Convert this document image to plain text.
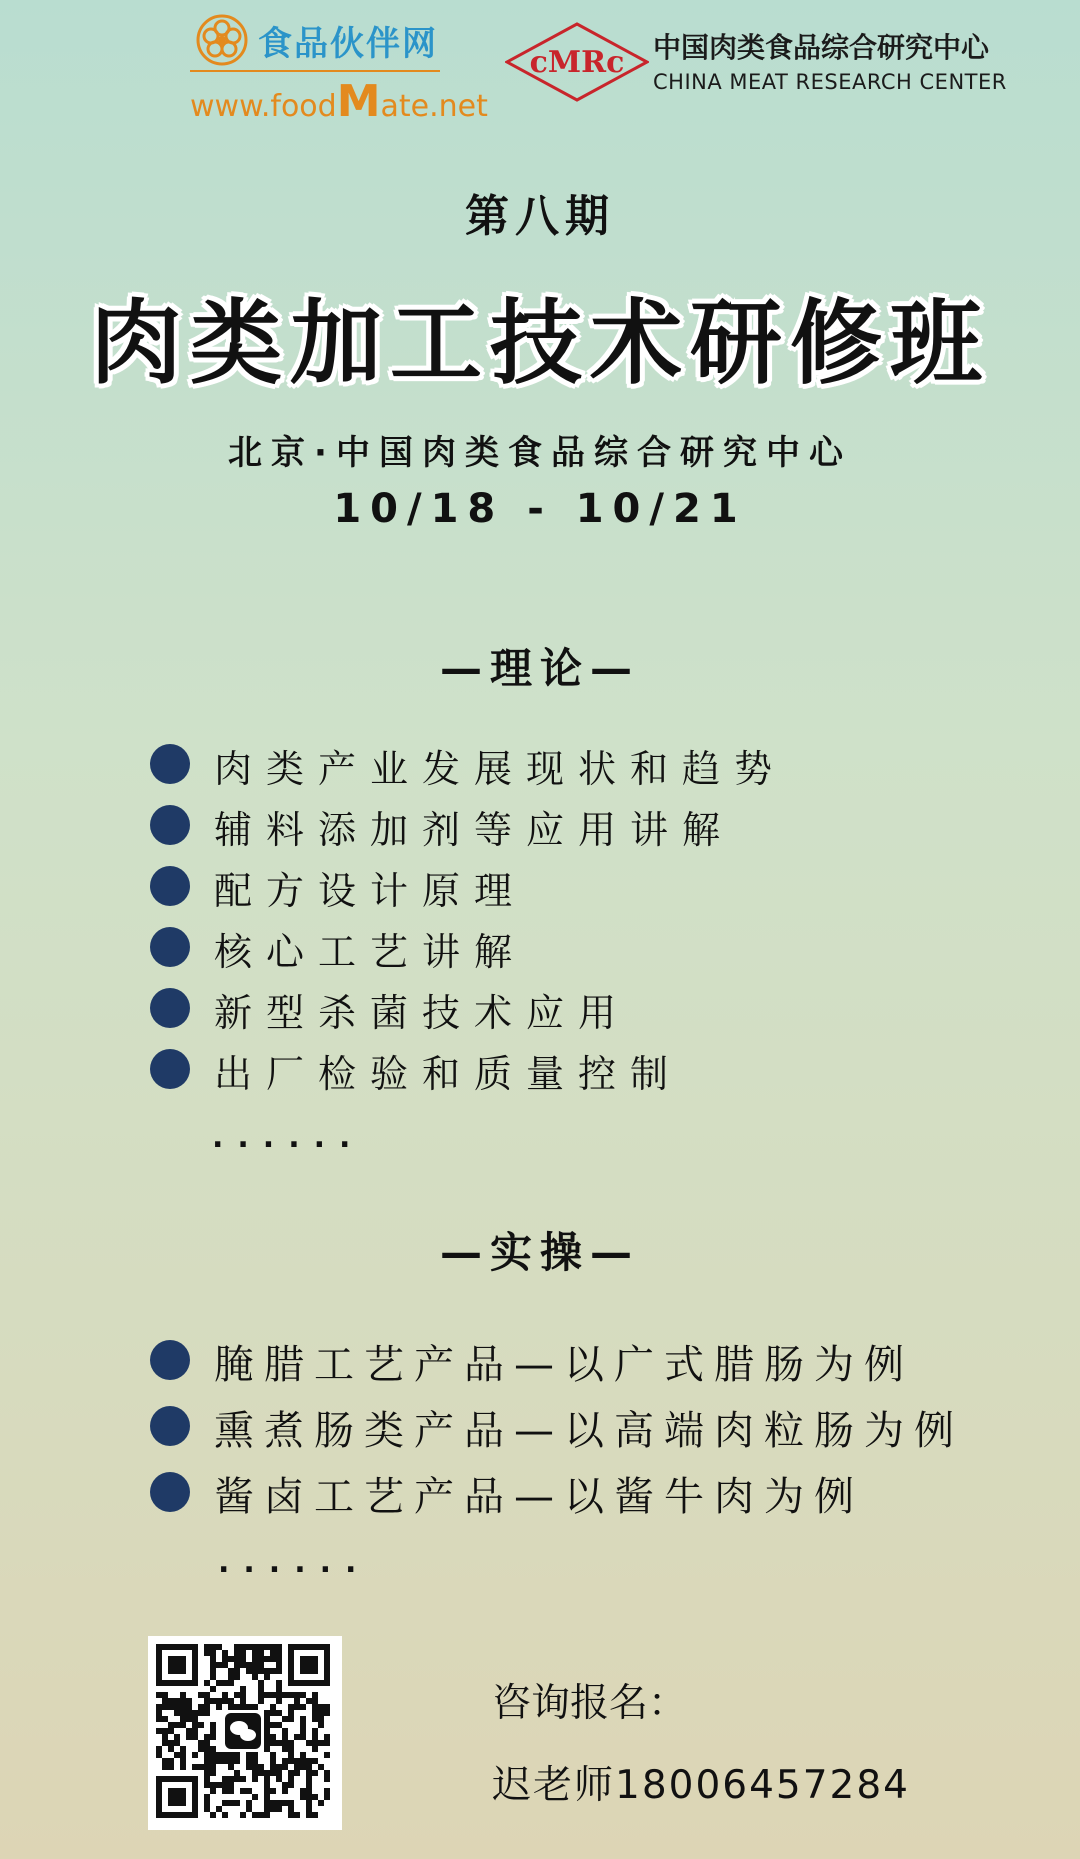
食品伙伴网
www.foodMate.net
cMRc 中国肉类食品综合研究中心
CHINA MEAT RESEARCH CENTER
第八期
肉类加工技术研修班
北京·中国肉类食品综合研究中心
10/18 - 10/21
—理论—
肉类产业发展现状和趋势
辅料添加剂等应用讲解
配方设计原理
核心工艺讲解
新型杀菌技术应用
出厂检验和质量控制
......
—实操—
腌腊工艺产品—以广式腊肠为例
熏煮肠类产品—以高端肉粒肠为例
酱卤工艺产品—以酱牛肉为例
......
咨询报名：
迟老师18006457284
